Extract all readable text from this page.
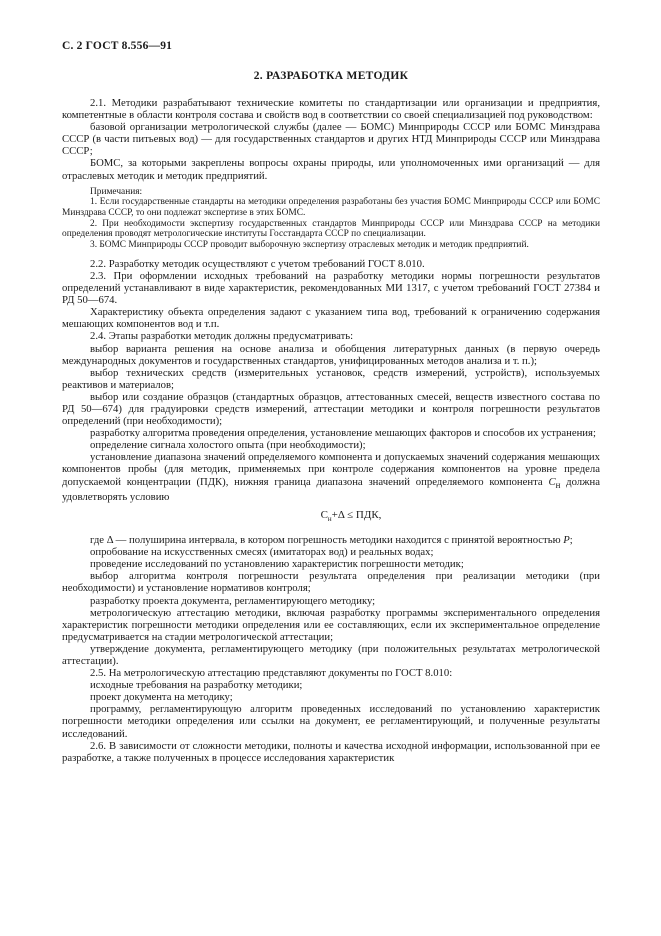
С. 2 ГОСТ 8.556—91
2. РАЗРАБОТКА МЕТОДИК

2.1. Методики разрабатывают технические комитеты по стандартизации или организации и предприятия, компетентные в области контроля состава и свойств вод в соответствии со своей специализацией под руководством:

базовой организации метрологической службы (далее — БОМС) Минприроды СССР или БОМС Минздрава СССР (в части питьевых вод) — для государственных стандартов и других НТД Минприроды СССР или Минздрава СССР;

БОМС, за которыми закреплены вопросы охраны природы, или уполномоченных ими организаций — для отраслевых методик и методик предприятий.

Примечания:

1. Если государственные стандарты на методики определения разработаны без участия БОМС Минприроды СССР или БОМС Минздрава СССР, то они подлежат экспертизе в этих БОМС.

2. При необходимости экспертизу государственных стандартов Минприроды СССР или Минздрава СССР на методики определения проводят метрологические институты Госстандарта СССР по специализации.

3. БОМС Минприроды СССР проводит выборочную экспертизу отраслевых методик и методик предприятий.

2.2. Разработку методик осуществляют с учетом требований ГОСТ 8.010.

2.3. При оформлении исходных требований на разработку методики нормы погрешности результатов определений устанавливают в виде характеристик, рекомендованных МИ 1317, с учетом требований ГОСТ 27384 и РД 50—674.

Характеристику объекта определения задают с указанием типа вод, требований к ограничению содержания мешающих компонентов вод и т.п.

2.4. Этапы разработки методик должны предусматривать:

выбор варианта решения на основе анализа и обобщения литературных данных (в первую очередь международных документов и государственных стандартов, унифицированных методов анализа и т. п.);

выбор технических средств (измерительных установок, средств измерений, устройств), используемых реактивов и материалов;

выбор или создание образцов (стандартных образцов, аттестованных смесей, веществ известного состава по РД 50—674) для градуировки средств измерений, аттестации методики и контроля погрешности результатов определений (при необходимости);

разработку алгоритма проведения определения, установление мешающих факторов и способов их устранения;

определение сигнала холостого опыта (при необходимости);

установление диапазона значений определяемого компонента и допускаемых значений содержания мешающих компонентов пробы (для методик, применяемых при контроле содержания компонентов на уровне предела допускаемой концентрации (ПДК), нижняя граница диапазона значений определяемого компонента $С_н$ должна удовлетворять условию

$С_н+\Delta$ ≤ ПДК,

где Δ — полуширина интервала, в котором погрешность методики находится с принятой вероятностью Р;

опробование на искусственных смесях (имитаторах вод) и реальных водах;

проведение исследований по установлению характеристик погрешности методик;

выбор алгоритма контроля погрешности результата определения при реализации методики (при необходимости) и установление нормативов контроля;

разработку проекта документа, регламентирующего методику;

метрологическую аттестацию методики, включая разработку программы экспериментального определения характеристик погрешности методики определения или ее составляющих, если их экспериментальное определение предусматривается на стадии метрологической аттестации;

утверждение документа, регламентирующего методику (при положительных результатах метрологической аттестации).

2.5. На метрологическую аттестацию представляют документы по ГОСТ 8.010:

исходные требования на разработку методики;

проект документа на методику;

программу, регламентирующую алгоритм проведенных исследований по установлению характеристик погрешности методики определения или ссылки на документ, ее регламентирующий, и полученные результаты исследований.

2.6. В зависимости от сложности методики, полноты и качества исходной информации, использованной при ее разработке, а также полученных в процессе исследования характеристик
